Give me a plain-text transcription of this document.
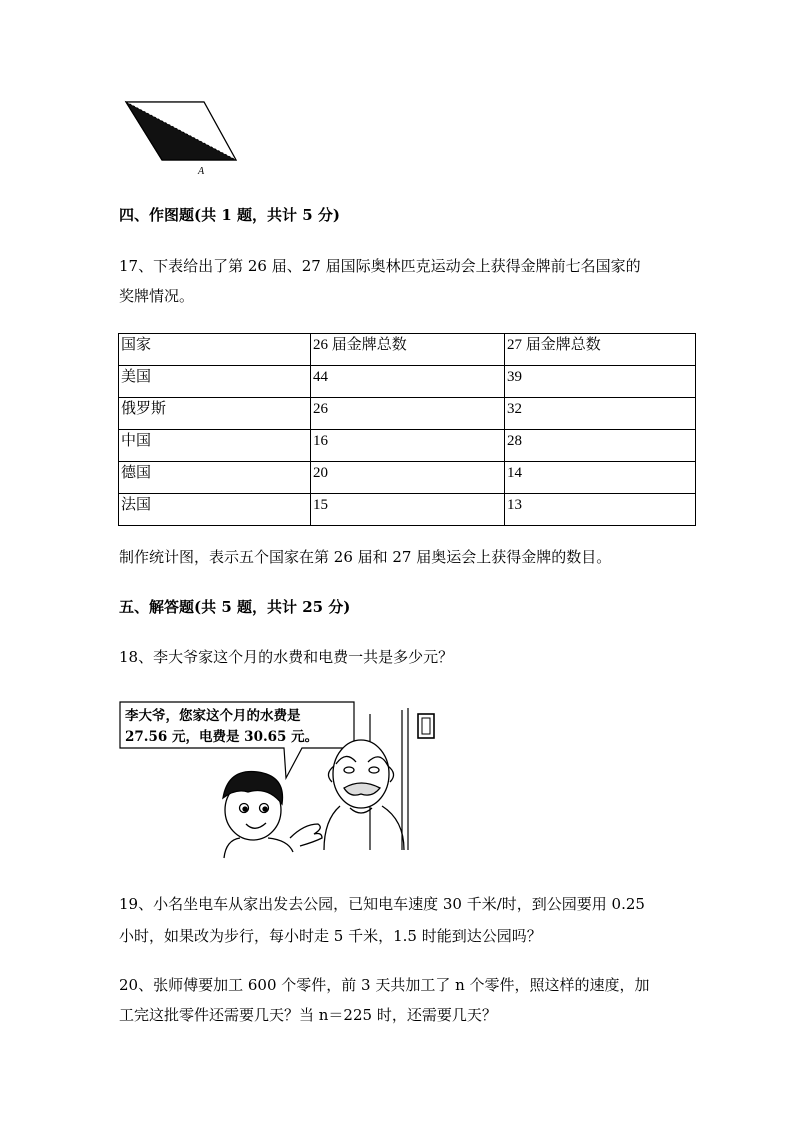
A
四、作图题(共 1 题，共计 5 分)
17、下表给出了第 26 届、27 届国际奥林匹克运动会上获得金牌前七名国家的
奖牌情况。
国家	26 届金牌总数	27 届金牌总数
美国	44	39
俄罗斯	26	32
中国	16	28
德国	20	14
法国	15	13
制作统计图，表示五个国家在第 26 届和 27 届奥运会上获得金牌的数目。
五、解答题(共 5 题，共计 25 分)
18、李大爷家这个月的水费和电费一共是多少元？
李大爷，您家这个月的水费是
27.56 元，电费是 30.65 元。
19、小名坐电车从家出发去公园，已知电车速度 30 千米/时，到公园要用 0.25
小时，如果改为步行，每小时走 5 千米，1.5 时能到达公园吗？
20、张师傅要加工 600 个零件，前 3 天共加工了 n 个零件，照这样的速度，加
工完这批零件还需要几天？当 n＝225 时，还需要几天？
